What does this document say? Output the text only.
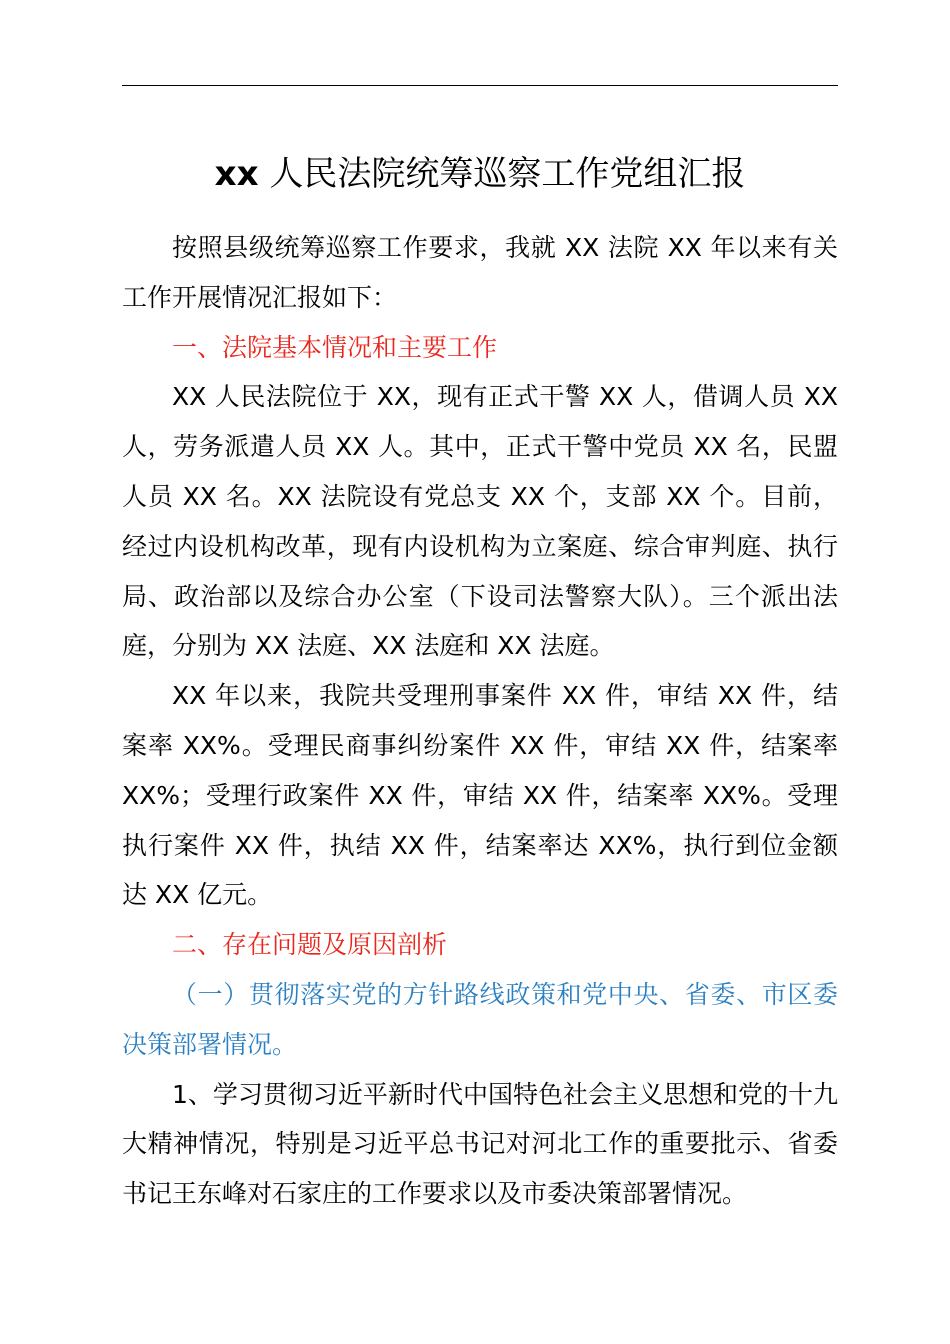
xx 人民法院统筹巡察工作党组汇报

按照县级统筹巡察工作要求，我就 XX 法院 XX 年以来有关工作开展情况汇报如下：

一、法院基本情况和主要工作

XX 人民法院位于 XX，现有正式干警 XX 人，借调人员 XX 人，劳务派遣人员 XX 人。其中，正式干警中党员 XX 名，民盟人员 XX 名。XX 法院设有党总支 XX 个，支部 XX 个。目前，经过内设机构改革，现有内设机构为立案庭、综合审判庭、执行局、政治部以及综合办公室（下设司法警察大队）。三个派出法庭，分别为 XX 法庭、XX 法庭和 XX 法庭。

XX 年以来，我院共受理刑事案件 XX 件，审结 XX 件，结案率 XX%。受理民商事纠纷案件 XX 件，审结 XX 件，结案率 XX%；受理行政案件 XX 件，审结 XX 件，结案率 XX%。受理执行案件 XX 件，执结 XX 件，结案率达 XX%，执行到位金额达 XX 亿元。

二、存在问题及原因剖析

（一）贯彻落实党的方针路线政策和党中央、省委、市区委决策部署情况。

1、学习贯彻习近平新时代中国特色社会主义思想和党的十九大精神情况，特别是习近平总书记对河北工作的重要批示、省委书记王东峰对石家庄的工作要求以及市委决策部署情况。
